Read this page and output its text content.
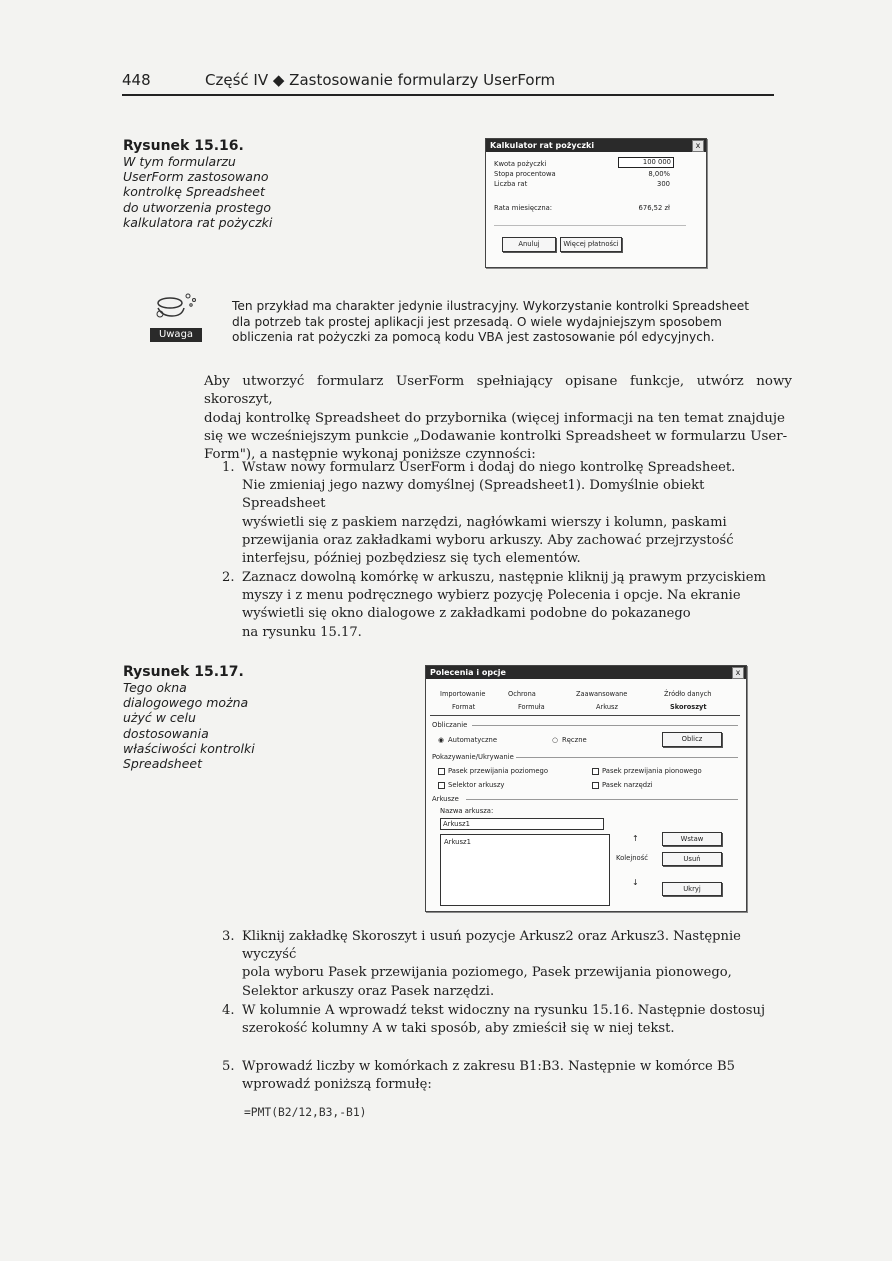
448	Część IV ◆ Zastosowanie formularzy UserForm
Rysunek 15.16.
W tym formularzu
UserForm zastosowano
kontrolkę Spreadsheet
do utworzenia prostego
kalkulatora rat pożyczki
Kalkulator rat pożyczki	x
Kwota pożyczki	100 000
Stopa procentowa	8,00%
Liczba rat	300
Rata miesięczna:	676,52 zł
Anuluj	Więcej płatności
Uwaga
Ten przykład ma charakter jedynie ilustracyjny. Wykorzystanie kontrolki Spreadsheet
dla potrzeb tak prostej aplikacji jest przesadą. O wiele wydajniejszym sposobem
obliczenia rat pożyczki za pomocą kodu VBA jest zastosowanie pól edycyjnych.
Aby utworzyć formularz UserForm spełniający opisane funkcje, utwórz nowy skoroszyt,
dodaj kontrolkę Spreadsheet do przybornika (więcej informacji na ten temat znajduje
się we wcześniejszym punkcie „Dodawanie kontrolki Spreadsheet w formularzu User-
Form"), a następnie wykonaj poniższe czynności:
1. Wstaw nowy formularz UserForm i dodaj do niego kontrolkę Spreadsheet.
Nie zmieniaj jego nazwy domyślnej (Spreadsheet1). Domyślnie obiekt Spreadsheet
wyświetli się z paskiem narzędzi, nagłówkami wierszy i kolumn, paskami
przewijania oraz zakładkami wyboru arkuszy. Aby zachować przejrzystość
interfejsu, później pozbędziesz się tych elementów.
2. Zaznacz dowolną komórkę w arkuszu, następnie kliknij ją prawym przyciskiem
myszy i z menu podręcznego wybierz pozycję Polecenia i opcje. Na ekranie
wyświetli się okno dialogowe z zakładkami podobne do pokazanego
na rysunku 15.17.
Rysunek 15.17.
Tego okna
dialogowego można
użyć w celu
dostosowania
właściwości kontrolki
Spreadsheet
Polecenia i opcje	x
Importowanie	Ochrona	Zaawansowane	Źródło danych
Format	Formuła	Arkusz	Skoroszyt
Obliczanie
◉ Automatyczne	○ Ręczne	Oblicz
Pokazywanie/Ukrywanie
Pasek przewijania poziomego	Pasek przewijania pionowego
Selektor arkuszy	Pasek narzędzi
Arkusze
Nazwa arkusza:
Arkusz1
Arkusz1	↑
Kolejność
↓
Wstaw
Usuń
Ukryj
3. Kliknij zakładkę Skoroszyt i usuń pozycje Arkusz2 oraz Arkusz3. Następnie wyczyść
pola wyboru Pasek przewijania poziomego, Pasek przewijania pionowego,
Selektor arkuszy oraz Pasek narzędzi.
4. W kolumnie A wprowadź tekst widoczny na rysunku 15.16. Następnie dostosuj
szerokość kolumny A w taki sposób, aby zmieścił się w niej tekst.
5. Wprowadź liczby w komórkach z zakresu B1:B3. Następnie w komórce B5
wprowadź poniższą formułę:
=PMT(B2/12,B3,-B1)
